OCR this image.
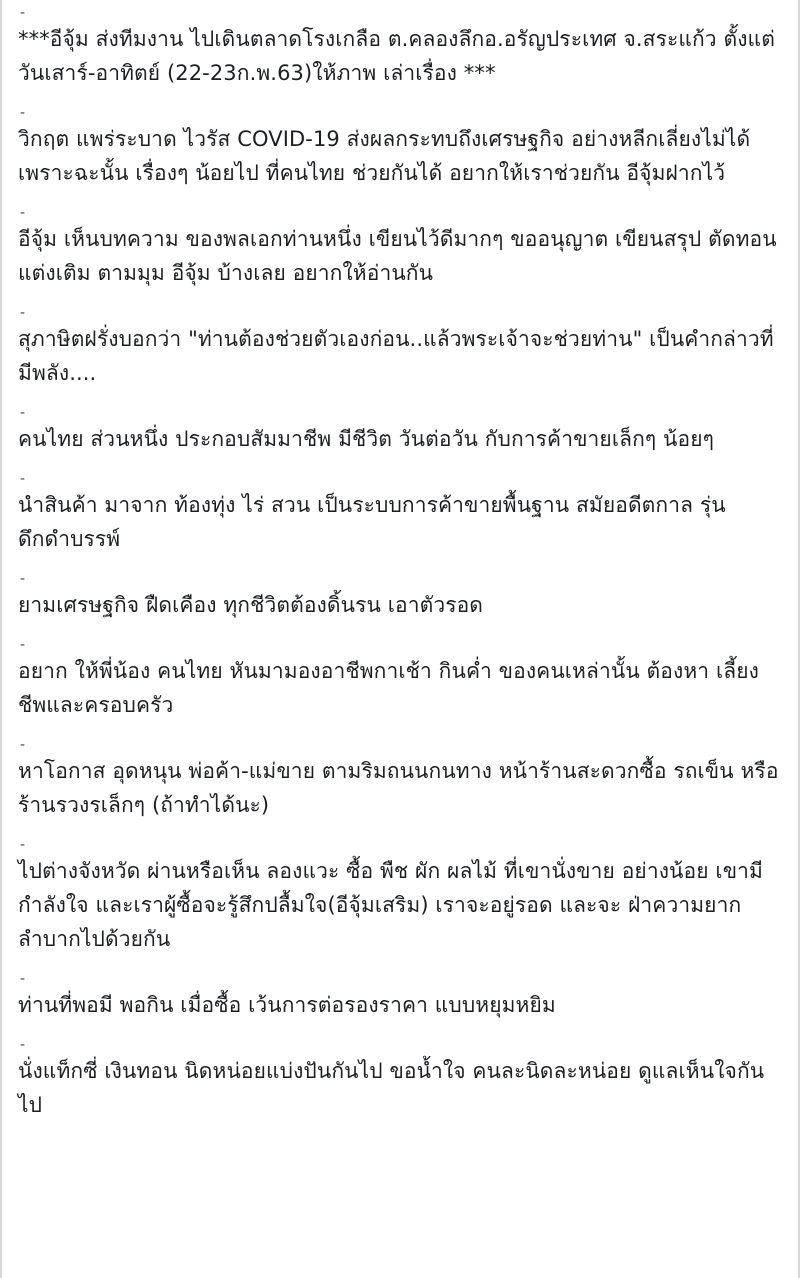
-

***อีจุ้ม ส่งทีมงาน ไปเดินตลาดโรงเกลือ ต.คลองลึกอ.อรัญประเทศ จ.สระแก้ว ตั้งแต่ วันเสาร์-อาทิตย์ (22-23ก.พ.63)ให้ภาพ เล่าเรื่อง ***

-

วิกฤต แพร่ระบาด ไวรัส COVID-19 ส่งผลกระทบถึงเศรษฐกิจ อย่างหลีกเลี่ยงไม่ได้ เพราะฉะนั้น เรื่องๆ น้อยไป ที่คนไทย ช่วยกันได้ อยากให้เราช่วยกัน อีจุ้มฝากไว้

-

อีจุ้ม เห็นบทความ ของพลเอกท่านหนึ่ง เขียนไว้ดีมากๆ ขออนุญาต เขียนสรุป ตัดทอน แต่งเติม ตามมุม อีจุ้ม บ้างเลย อยากให้อ่านกัน

-

สุภาษิตฝรั่งบอกว่า "ท่านต้องช่วยตัวเองก่อน..แล้วพระเจ้าจะช่วยท่าน" เป็นคำกล่าวที่ มีพลัง....

-

คนไทย ส่วนหนึ่ง ประกอบสัมมาชีพ มีชีวิต วันต่อวัน กับการค้าขายเล็กๆ น้อยๆ

-

นำสินค้า มาจาก ท้องทุ่ง ไร่ สวน เป็นระบบการค้าขายพื้นฐาน สมัยอดีตกาล รุ่นดึกดำบรรพ์

-

ยามเศรษฐกิจ ฝืดเคือง ทุกชีวิตต้องดิ้นรน เอาตัวรอด

-

อยาก ให้พี่น้อง คนไทย หันมามองอาชีพกาเช้า กินค่ำ ของคนเหล่านั้น ต้องหา เลี้ยงชีพและครอบครัว

-

หาโอกาส อุดหนุน พ่อค้า-แม่ขาย ตามริมถนนกนทาง หน้าร้านสะดวกซื้อ รถเข็น หรือร้านรวงรเล็กๆ (ถ้าทำได้นะ)

-

ไปต่างจังหวัด ผ่านหรือเห็น ลองแวะ ซื้อ พืช ผัก ผลไม้ ที่เขานั่งขาย อย่างน้อย เขามีกำลังใจ และเราผู้ซื้อจะรู้สึกปลื้มใจ(อีจุ้มเสริม) เราจะอยู่รอด และจะ ฝ่าความยากลำบากไปด้วยกัน

-

ท่านที่พอมี พอกิน เมื่อซื้อ เว้นการต่อรองราคา แบบหยุมหยิม

-

นั่งแท็กซี่ เงินทอน นิดหน่อยแบ่งปันกันไป ขอน้ำใจ คนละนิดละหน่อย ดูแลเห็นใจกันไป
